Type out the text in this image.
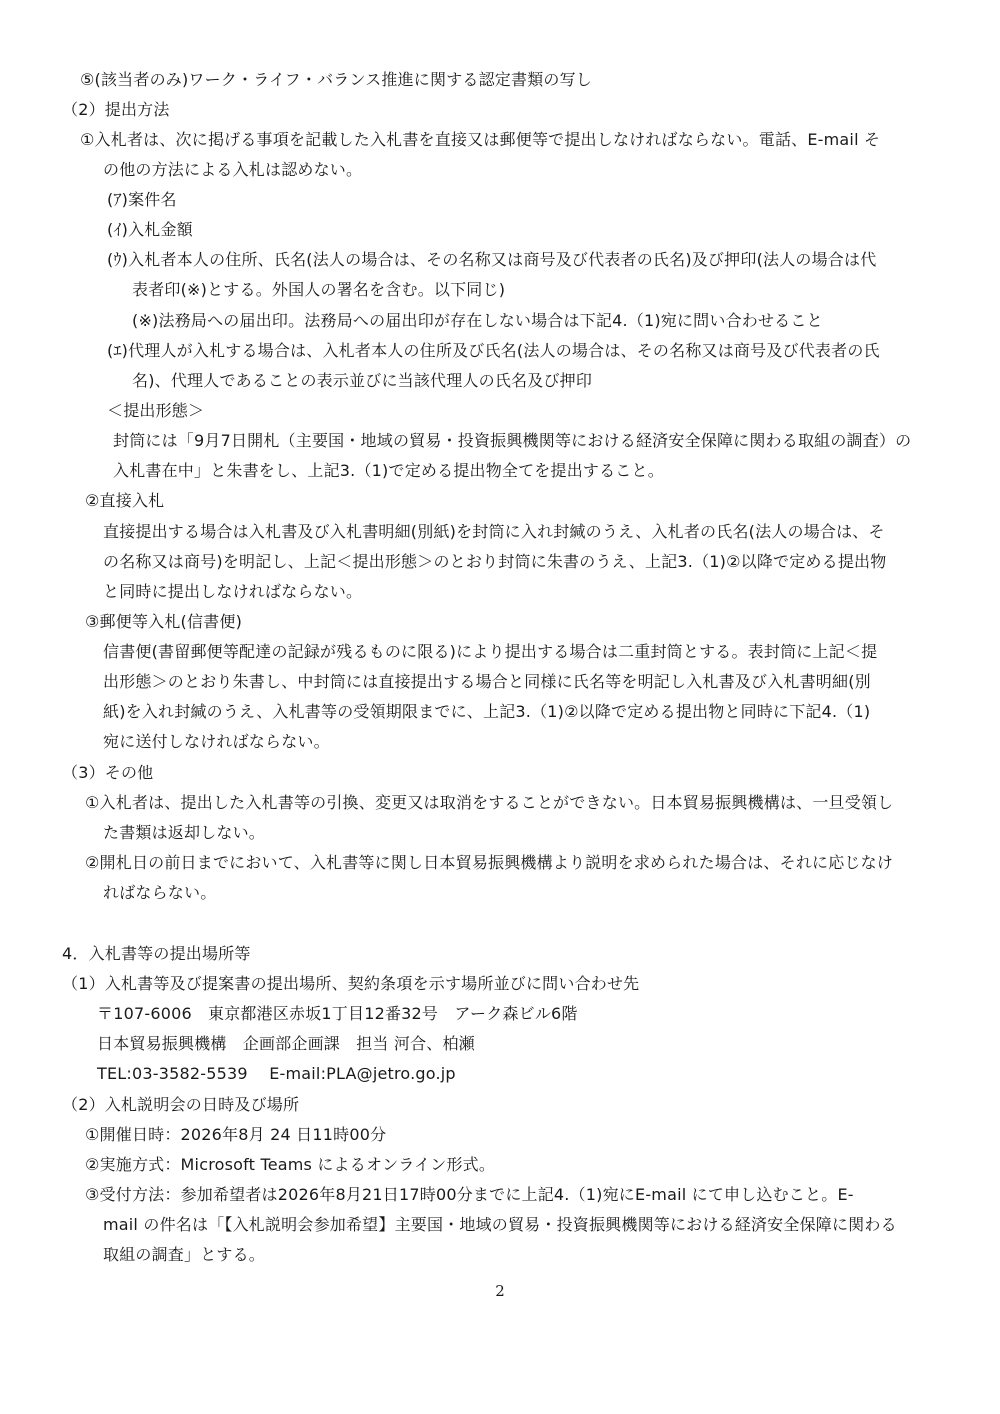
⑤(該当者のみ)ワーク・ライフ・バランス推進に関する認定書類の写し
（2）提出方法
①入札者は、次に掲げる事項を記載した入札書を直接又は郵便等で提出しなければならない。電話、E-mail そ
の他の方法による入札は認めない。
(ｱ)案件名
(ｲ)入札金額
(ｳ)入札者本人の住所、氏名(法人の場合は、その名称又は商号及び代表者の氏名)及び押印(法人の場合は代
表者印(※)とする。外国人の署名を含む。以下同じ)
(※)法務局への届出印。法務局への届出印が存在しない場合は下記4.（1)宛に問い合わせること
(ｴ)代理人が入札する場合は、入札者本人の住所及び氏名(法人の場合は、その名称又は商号及び代表者の氏
名)、代理人であることの表示並びに当該代理人の氏名及び押印
＜提出形態＞
封筒には「9月7日開札（主要国・地域の貿易・投資振興機関等における経済安全保障に関わる取組の調査）の
入札書在中」と朱書をし、上記3.（1)で定める提出物全てを提出すること。
②直接入札
直接提出する場合は入札書及び入札書明細(別紙)を封筒に入れ封緘のうえ、入札者の氏名(法人の場合は、そ
の名称又は商号)を明記し、上記＜提出形態＞のとおり封筒に朱書のうえ、上記3.（1)②以降で定める提出物
と同時に提出しなければならない。
③郵便等入札(信書便)
信書便(書留郵便等配達の記録が残るものに限る)により提出する場合は二重封筒とする。表封筒に上記＜提
出形態＞のとおり朱書し、中封筒には直接提出する場合と同様に氏名等を明記し入札書及び入札書明細(別
紙)を入れ封緘のうえ、入札書等の受領期限までに、上記3.（1)②以降で定める提出物と同時に下記4.（1)
宛に送付しなければならない。
（3）その他
①入札者は、提出した入札書等の引換、変更又は取消をすることができない。日本貿易振興機構は、一旦受領し
た書類は返却しない。
②開札日の前日までにおいて、入札書等に関し日本貿易振興機構より説明を求められた場合は、それに応じなけ
ればならない。
4．入札書等の提出場所等
（1）入札書等及び提案書の提出場所、契約条項を示す場所並びに問い合わせ先
〒107-6006　東京都港区赤坂1丁目12番32号　アーク森ビル6階
日本貿易振興機構　企画部企画課　担当 河合、柏瀬
TEL:03-3582-5539　 E-mail:PLA@jetro.go.jp
（2）入札説明会の日時及び場所
①開催日時：2026年8月 24 日11時00分
②実施方式：Microsoft Teams によるオンライン形式。
③受付方法：参加希望者は2026年8月21日17時00分までに上記4.（1)宛にE-mail にて申し込むこと。E-
mail の件名は「【入札説明会参加希望】主要国・地域の貿易・投資振興機関等における経済安全保障に関わる
取組の調査」とする。
2
